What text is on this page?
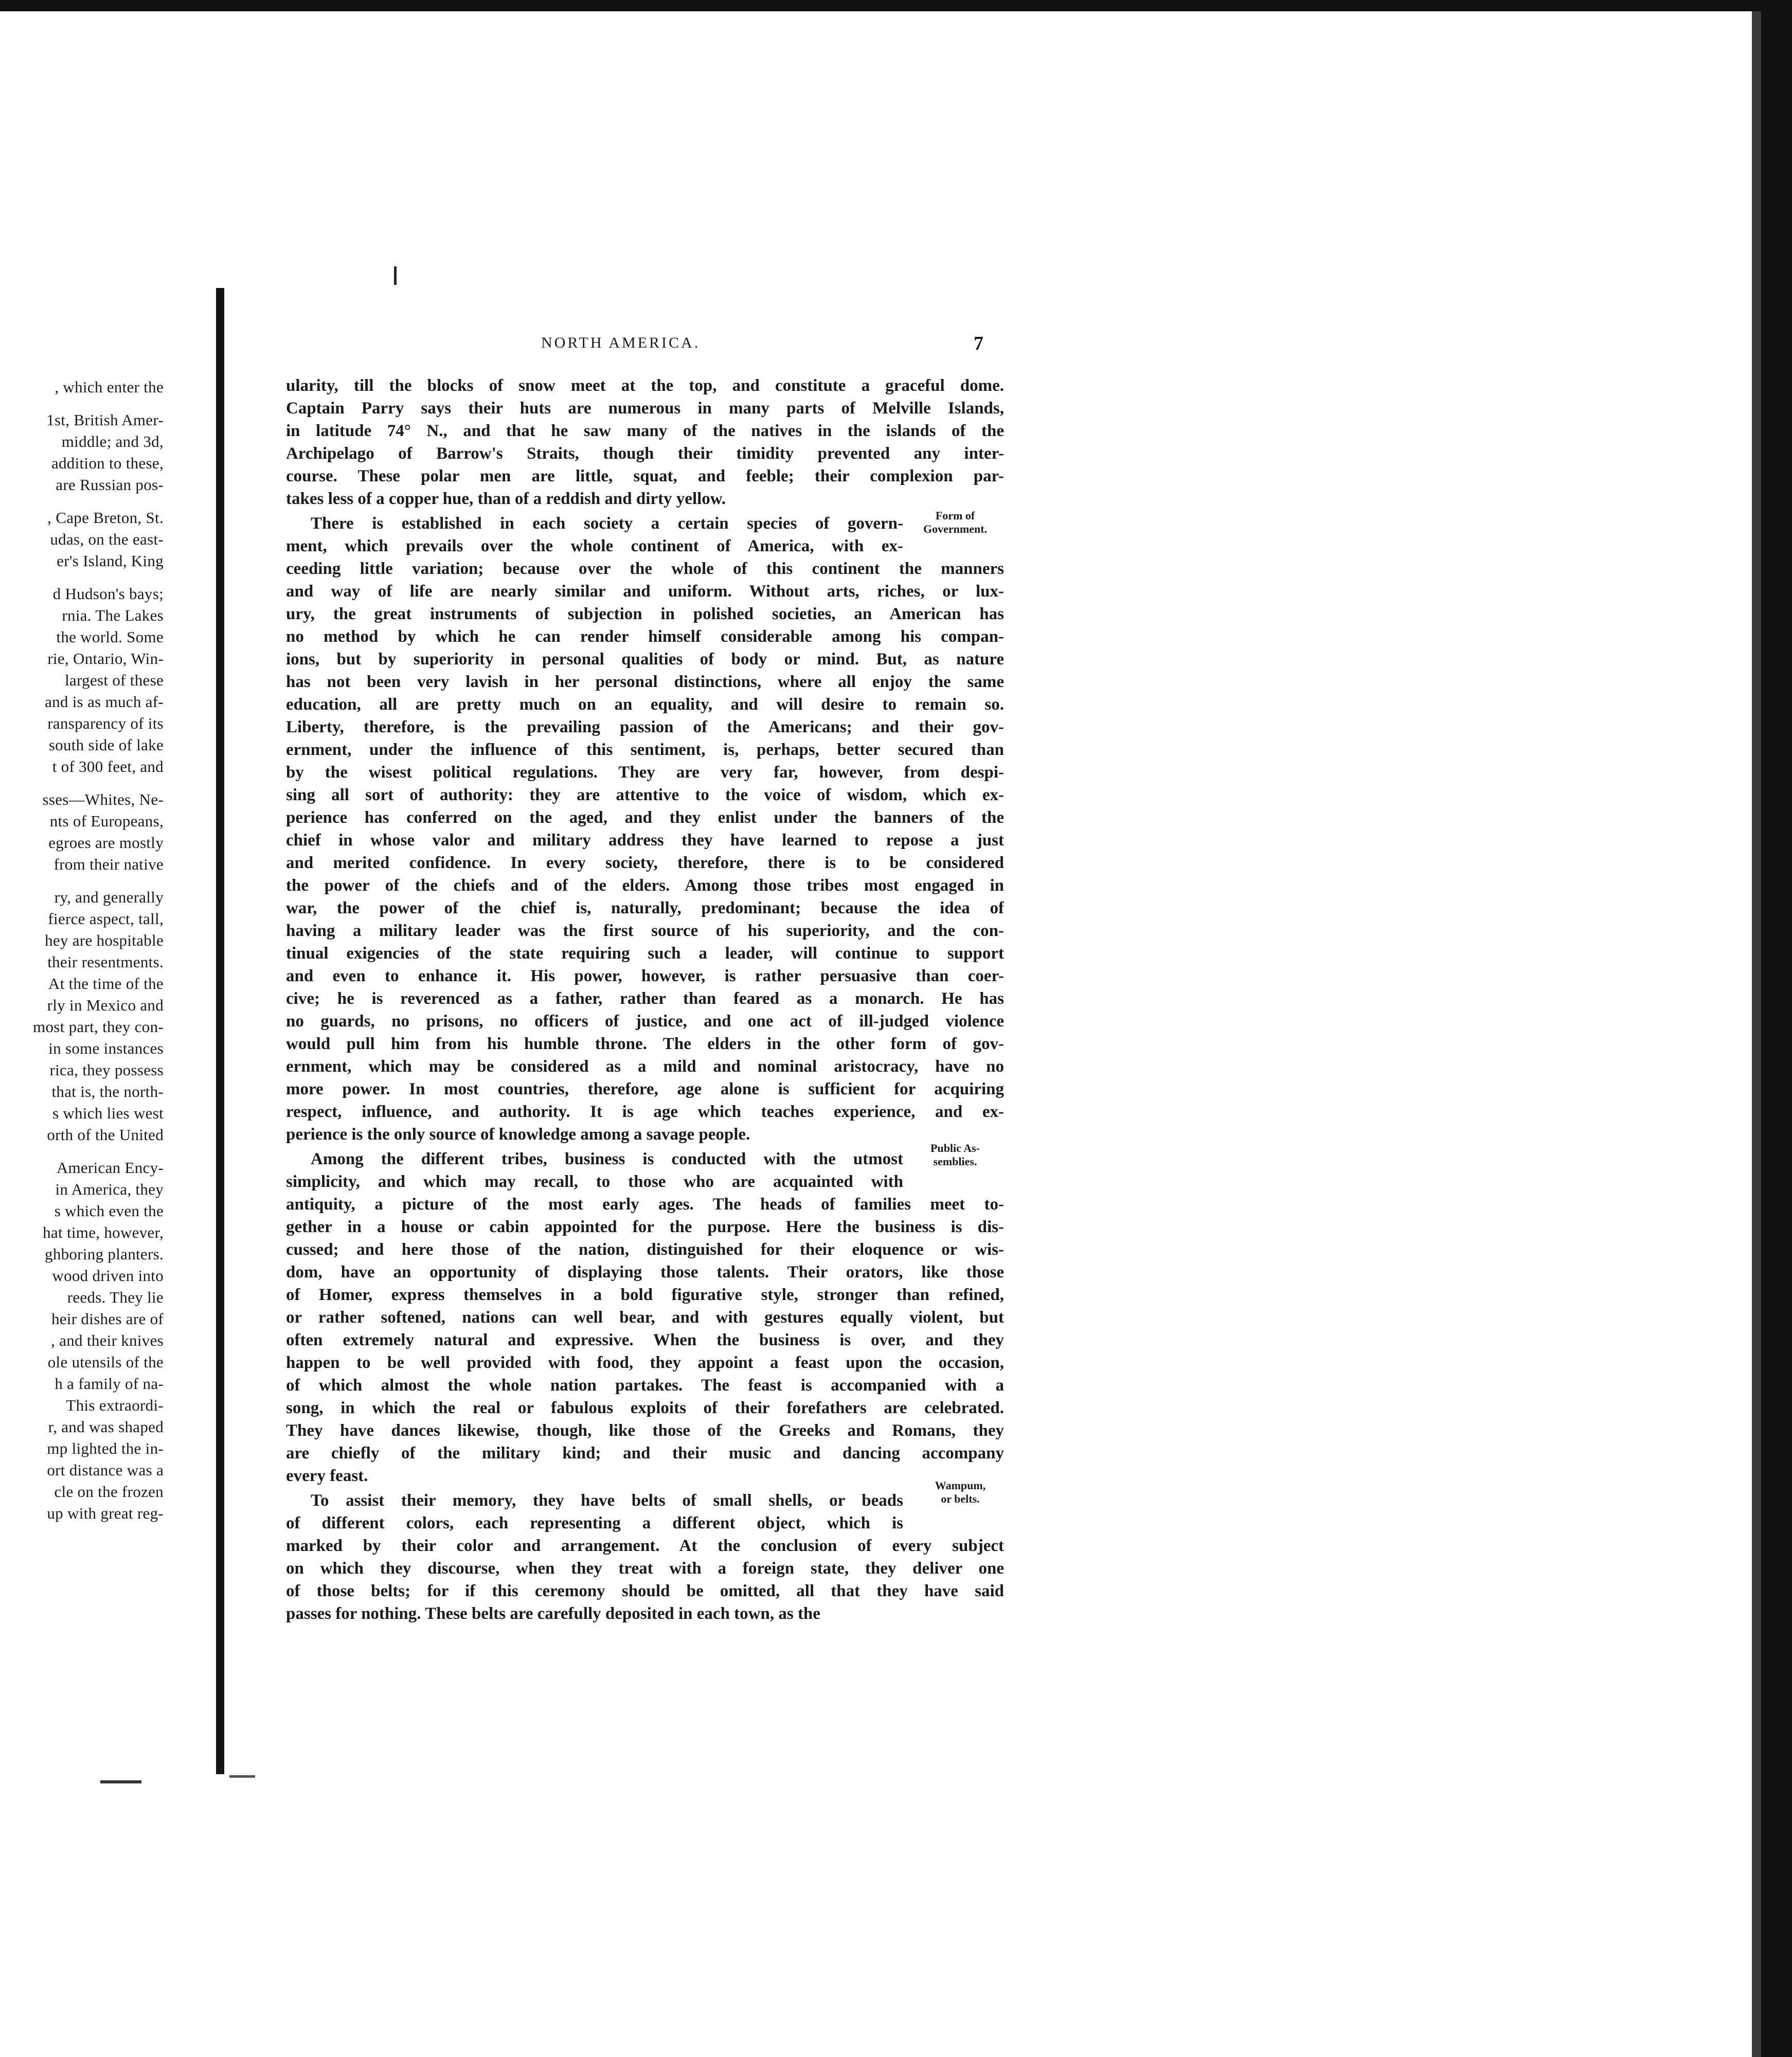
, which enter the
1st, British Amer-
middle; and 3d,
addition to these,
are Russian pos-
, Cape Breton, St.
udas, on the east-
er's Island, King
d Hudson's bays;
rnia. The Lakes
the world. Some
rie, Ontario, Win-
largest of these
and is as much af-
ransparency of its
south side of lake
t of 300 feet, and
sses—Whites, Ne-
nts of Europeans,
egroes are mostly
from their native
ry, and generally
fierce aspect, tall,
hey are hospitable
their resentments.
At the time of the
rly in Mexico and
most part, they con-
in some instances
rica, they possess
that is, the north-
s which lies west
orth of the United
American Ency-
in America, they
s which even the
hat time, however,
ghboring planters.
wood driven into
reeds. They lie
heir dishes are of
, and their knives
ole utensils of the
h a family of na-
This extraordi-
r, and was shaped
mp lighted the in-
ort distance was a
cle on the frozen
up with great reg-
NORTH AMERICA.	7
ularity, till the blocks of snow meet at the top, and constitute a graceful dome.
Captain Parry says their huts are numerous in many parts of Melville Islands,
in latitude 74° N., and that he saw many of the natives in the islands of the
Archipelago of Barrow's Straits, though their timidity prevented any inter-
course. These polar men are little, squat, and feeble; their complexion par-
takes less of a copper hue, than of a reddish and dirty yellow.
There is established in each society a certain species of govern-
ment, which prevails over the whole continent of America, with ex-
ceeding little variation; because over the whole of this continent the manners
and way of life are nearly similar and uniform. Without arts, riches, or lux-
ury, the great instruments of subjection in polished societies, an American has
no method by which he can render himself considerable among his compan-
ions, but by superiority in personal qualities of body or mind. But, as nature
has not been very lavish in her personal distinctions, where all enjoy the same
education, all are pretty much on an equality, and will desire to remain so.
Liberty, therefore, is the prevailing passion of the Americans; and their gov-
ernment, under the influence of this sentiment, is, perhaps, better secured than
by the wisest political regulations. They are very far, however, from despi-
sing all sort of authority: they are attentive to the voice of wisdom, which ex-
perience has conferred on the aged, and they enlist under the banners of the
chief in whose valor and military address they have learned to repose a just
and merited confidence. In every society, therefore, there is to be considered
the power of the chiefs and of the elders. Among those tribes most engaged in
war, the power of the chief is, naturally, predominant; because the idea of
having a military leader was the first source of his superiority, and the con-
tinual exigencies of the state requiring such a leader, will continue to support
and even to enhance it. His power, however, is rather persuasive than coer-
cive; he is reverenced as a father, rather than feared as a monarch. He has
no guards, no prisons, no officers of justice, and one act of ill-judged violence
would pull him from his humble throne. The elders in the other form of gov-
ernment, which may be considered as a mild and nominal aristocracy, have no
more power. In most countries, therefore, age alone is sufficient for acquiring
respect, influence, and authority. It is age which teaches experience, and ex-
perience is the only source of knowledge among a savage people.
Among the different tribes, business is conducted with the utmost
simplicity, and which may recall, to those who are acquainted with
antiquity, a picture of the most early ages. The heads of families meet to-
gether in a house or cabin appointed for the purpose. Here the business is dis-
cussed; and here those of the nation, distinguished for their eloquence or wis-
dom, have an opportunity of displaying those talents. Their orators, like those
of Homer, express themselves in a bold figurative style, stronger than refined,
or rather softened, nations can well bear, and with gestures equally violent, but
often extremely natural and expressive. When the business is over, and they
happen to be well provided with food, they appoint a feast upon the occasion,
of which almost the whole nation partakes. The feast is accompanied with a
song, in which the real or fabulous exploits of their forefathers are celebrated.
They have dances likewise, though, like those of the Greeks and Romans, they
are chiefly of the military kind; and their music and dancing accompany
every feast.
To assist their memory, they have belts of small shells, or beads
of different colors, each representing a different object, which is
marked by their color and arrangement. At the conclusion of every subject
on which they discourse, when they treat with a foreign state, they deliver one
of those belts; for if this ceremony should be omitted, all that they have said
passes for nothing. These belts are carefully deposited in each town, as the
Form of
Government.
Public As-
semblies.
Wampum,
or belts.
